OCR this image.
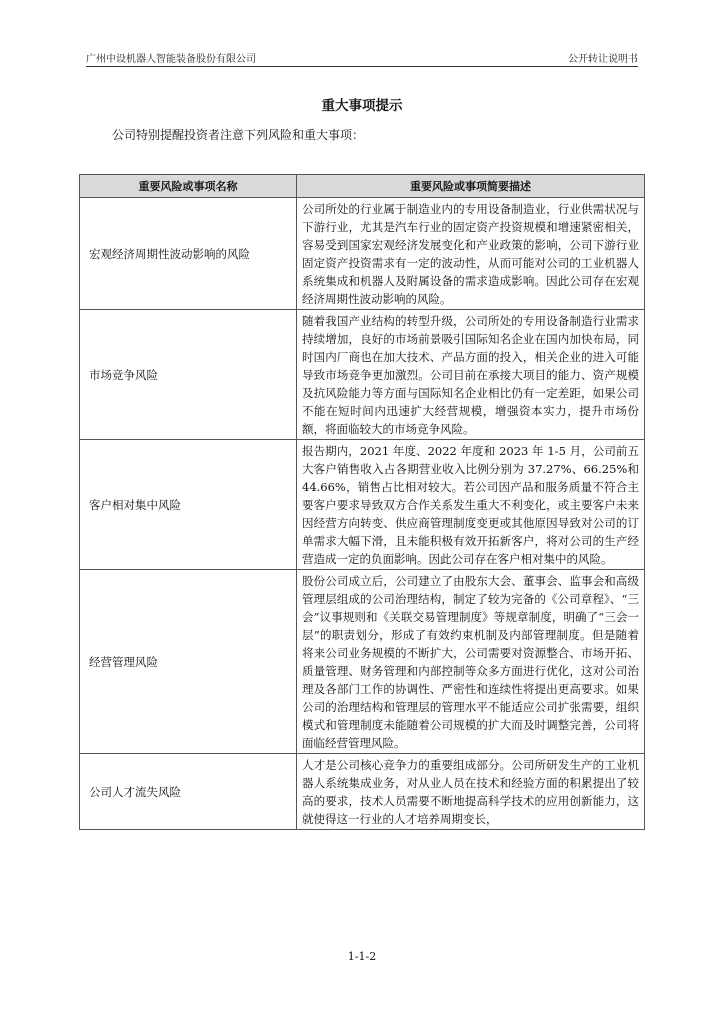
广州中设机器人智能装备股份有限公司	公开转让说明书
重大事项提示
公司特别提醒投资者注意下列风险和重大事项：
重要风险或事项名称	重要风险或事项简要描述
宏观经济周期性波动影响的风险	公司所处的行业属于制造业内的专用设备制造业，行业供需状况与下游行业，尤其是汽车行业的固定资产投资规模和增速紧密相关，容易受到国家宏观经济发展变化和产业政策的影响，公司下游行业固定资产投资需求有一定的波动性，从而可能对公司的工业机器人系统集成和机器人及附属设备的需求造成影响。因此公司存在宏观经济周期性波动影响的风险。
市场竞争风险	随着我国产业结构的转型升级，公司所处的专用设备制造行业需求持续增加，良好的市场前景吸引国际知名企业在国内加快布局，同时国内厂商也在加大技术、产品方面的投入，相关企业的进入可能导致市场竞争更加激烈。公司目前在承接大项目的能力、资产规模及抗风险能力等方面与国际知名企业相比仍有一定差距，如果公司不能在短时间内迅速扩大经营规模，增强资本实力，提升市场份额，将面临较大的市场竞争风险。
客户相对集中风险	报告期内，2021 年度、2022 年度和 2023 年 1-5 月，公司前五大客户销售收入占各期营业收入比例分别为 37.27%、66.25%和 44.66%，销售占比相对较大。若公司因产品和服务质量不符合主要客户要求导致双方合作关系发生重大不利变化，或主要客户未来因经营方向转变、供应商管理制度变更或其他原因导致对公司的订单需求大幅下滑，且未能积极有效开拓新客户，将对公司的生产经营造成一定的负面影响。因此公司存在客户相对集中的风险。
经营管理风险	股份公司成立后，公司建立了由股东大会、董事会、监事会和高级管理层组成的公司治理结构，制定了较为完备的《公司章程》、“三会”议事规则和《关联交易管理制度》等规章制度，明确了“三会一层”的职责划分，形成了有效约束机制及内部管理制度。但是随着将来公司业务规模的不断扩大，公司需要对资源整合、市场开拓、质量管理、财务管理和内部控制等众多方面进行优化，这对公司治理及各部门工作的协调性、严密性和连续性将提出更高要求。如果公司的治理结构和管理层的管理水平不能适应公司扩张需要，组织模式和管理制度未能随着公司规模的扩大而及时调整完善，公司将面临经营管理风险。
公司人才流失风险	人才是公司核心竞争力的重要组成部分。公司所研发生产的工业机器人系统集成业务，对从业人员在技术和经验方面的积累提出了较高的要求，技术人员需要不断地提高科学技术的应用创新能力，这就使得这一行业的人才培养周期变长，
1-1-2
